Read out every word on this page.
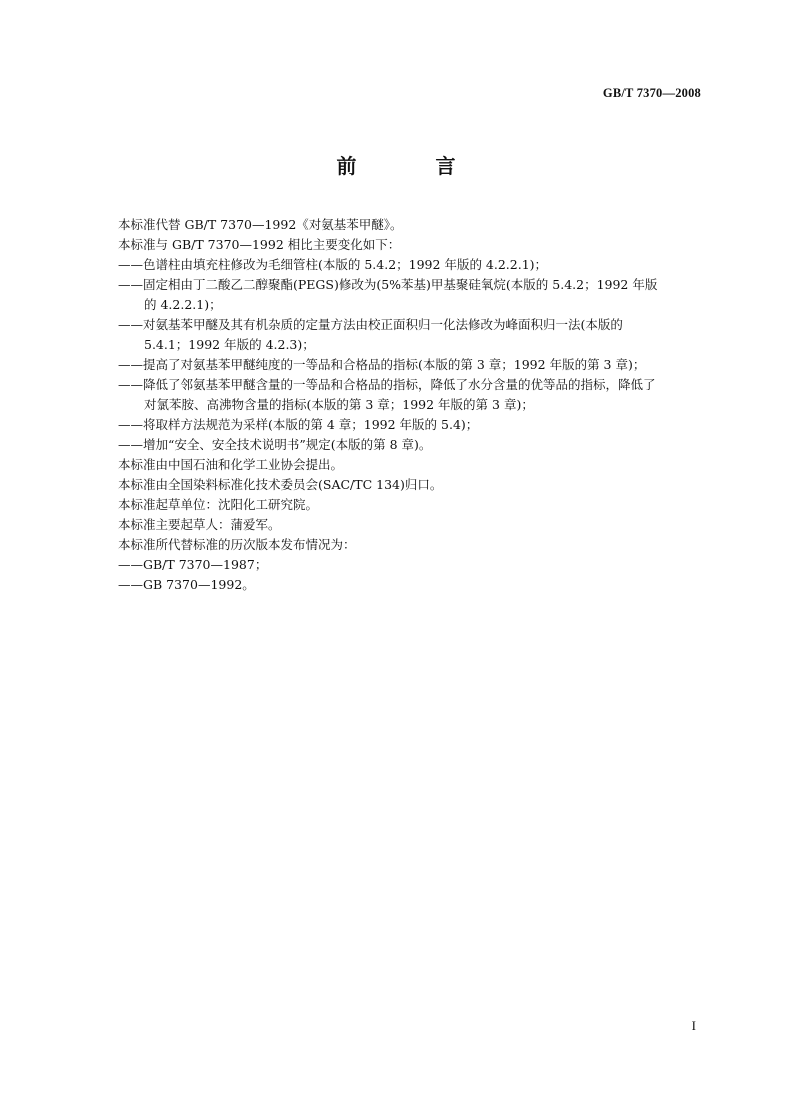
GB/T 7370—2008
前 言

本标准代替 GB/T 7370—1992《对氨基苯甲醚》。

本标准与 GB/T 7370—1992 相比主要变化如下：

——色谱柱由填充柱修改为毛细管柱(本版的 5.4.2；1992 年版的 4.2.2.1)；
——固定相由丁二酸乙二醇聚酯(PEGS)修改为(5%苯基)甲基聚硅氧烷(本版的 5.4.2；1992 年版
的 4.2.2.1)；
——对氨基苯甲醚及其有机杂质的定量方法由校正面积归一化法修改为峰面积归一法(本版的
5.4.1；1992 年版的 4.2.3)；
——提高了对氨基苯甲醚纯度的一等品和合格品的指标(本版的第 3 章；1992 年版的第 3 章)；
——降低了邻氨基苯甲醚含量的一等品和合格品的指标，降低了水分含量的优等品的指标，降低了
对氯苯胺、高沸物含量的指标(本版的第 3 章；1992 年版的第 3 章)；
——将取样方法规范为采样(本版的第 4 章；1992 年版的 5.4)；
——增加“安全、安全技术说明书”规定(本版的第 8 章)。

本标准由中国石油和化学工业协会提出。

本标准由全国染料标准化技术委员会(SAC/TC 134)归口。

本标准起草单位：沈阳化工研究院。

本标准主要起草人：蒲爱军。

本标准所代替标准的历次版本发布情况为：

——GB/T 7370—1987；
——GB 7370—1992。
I
